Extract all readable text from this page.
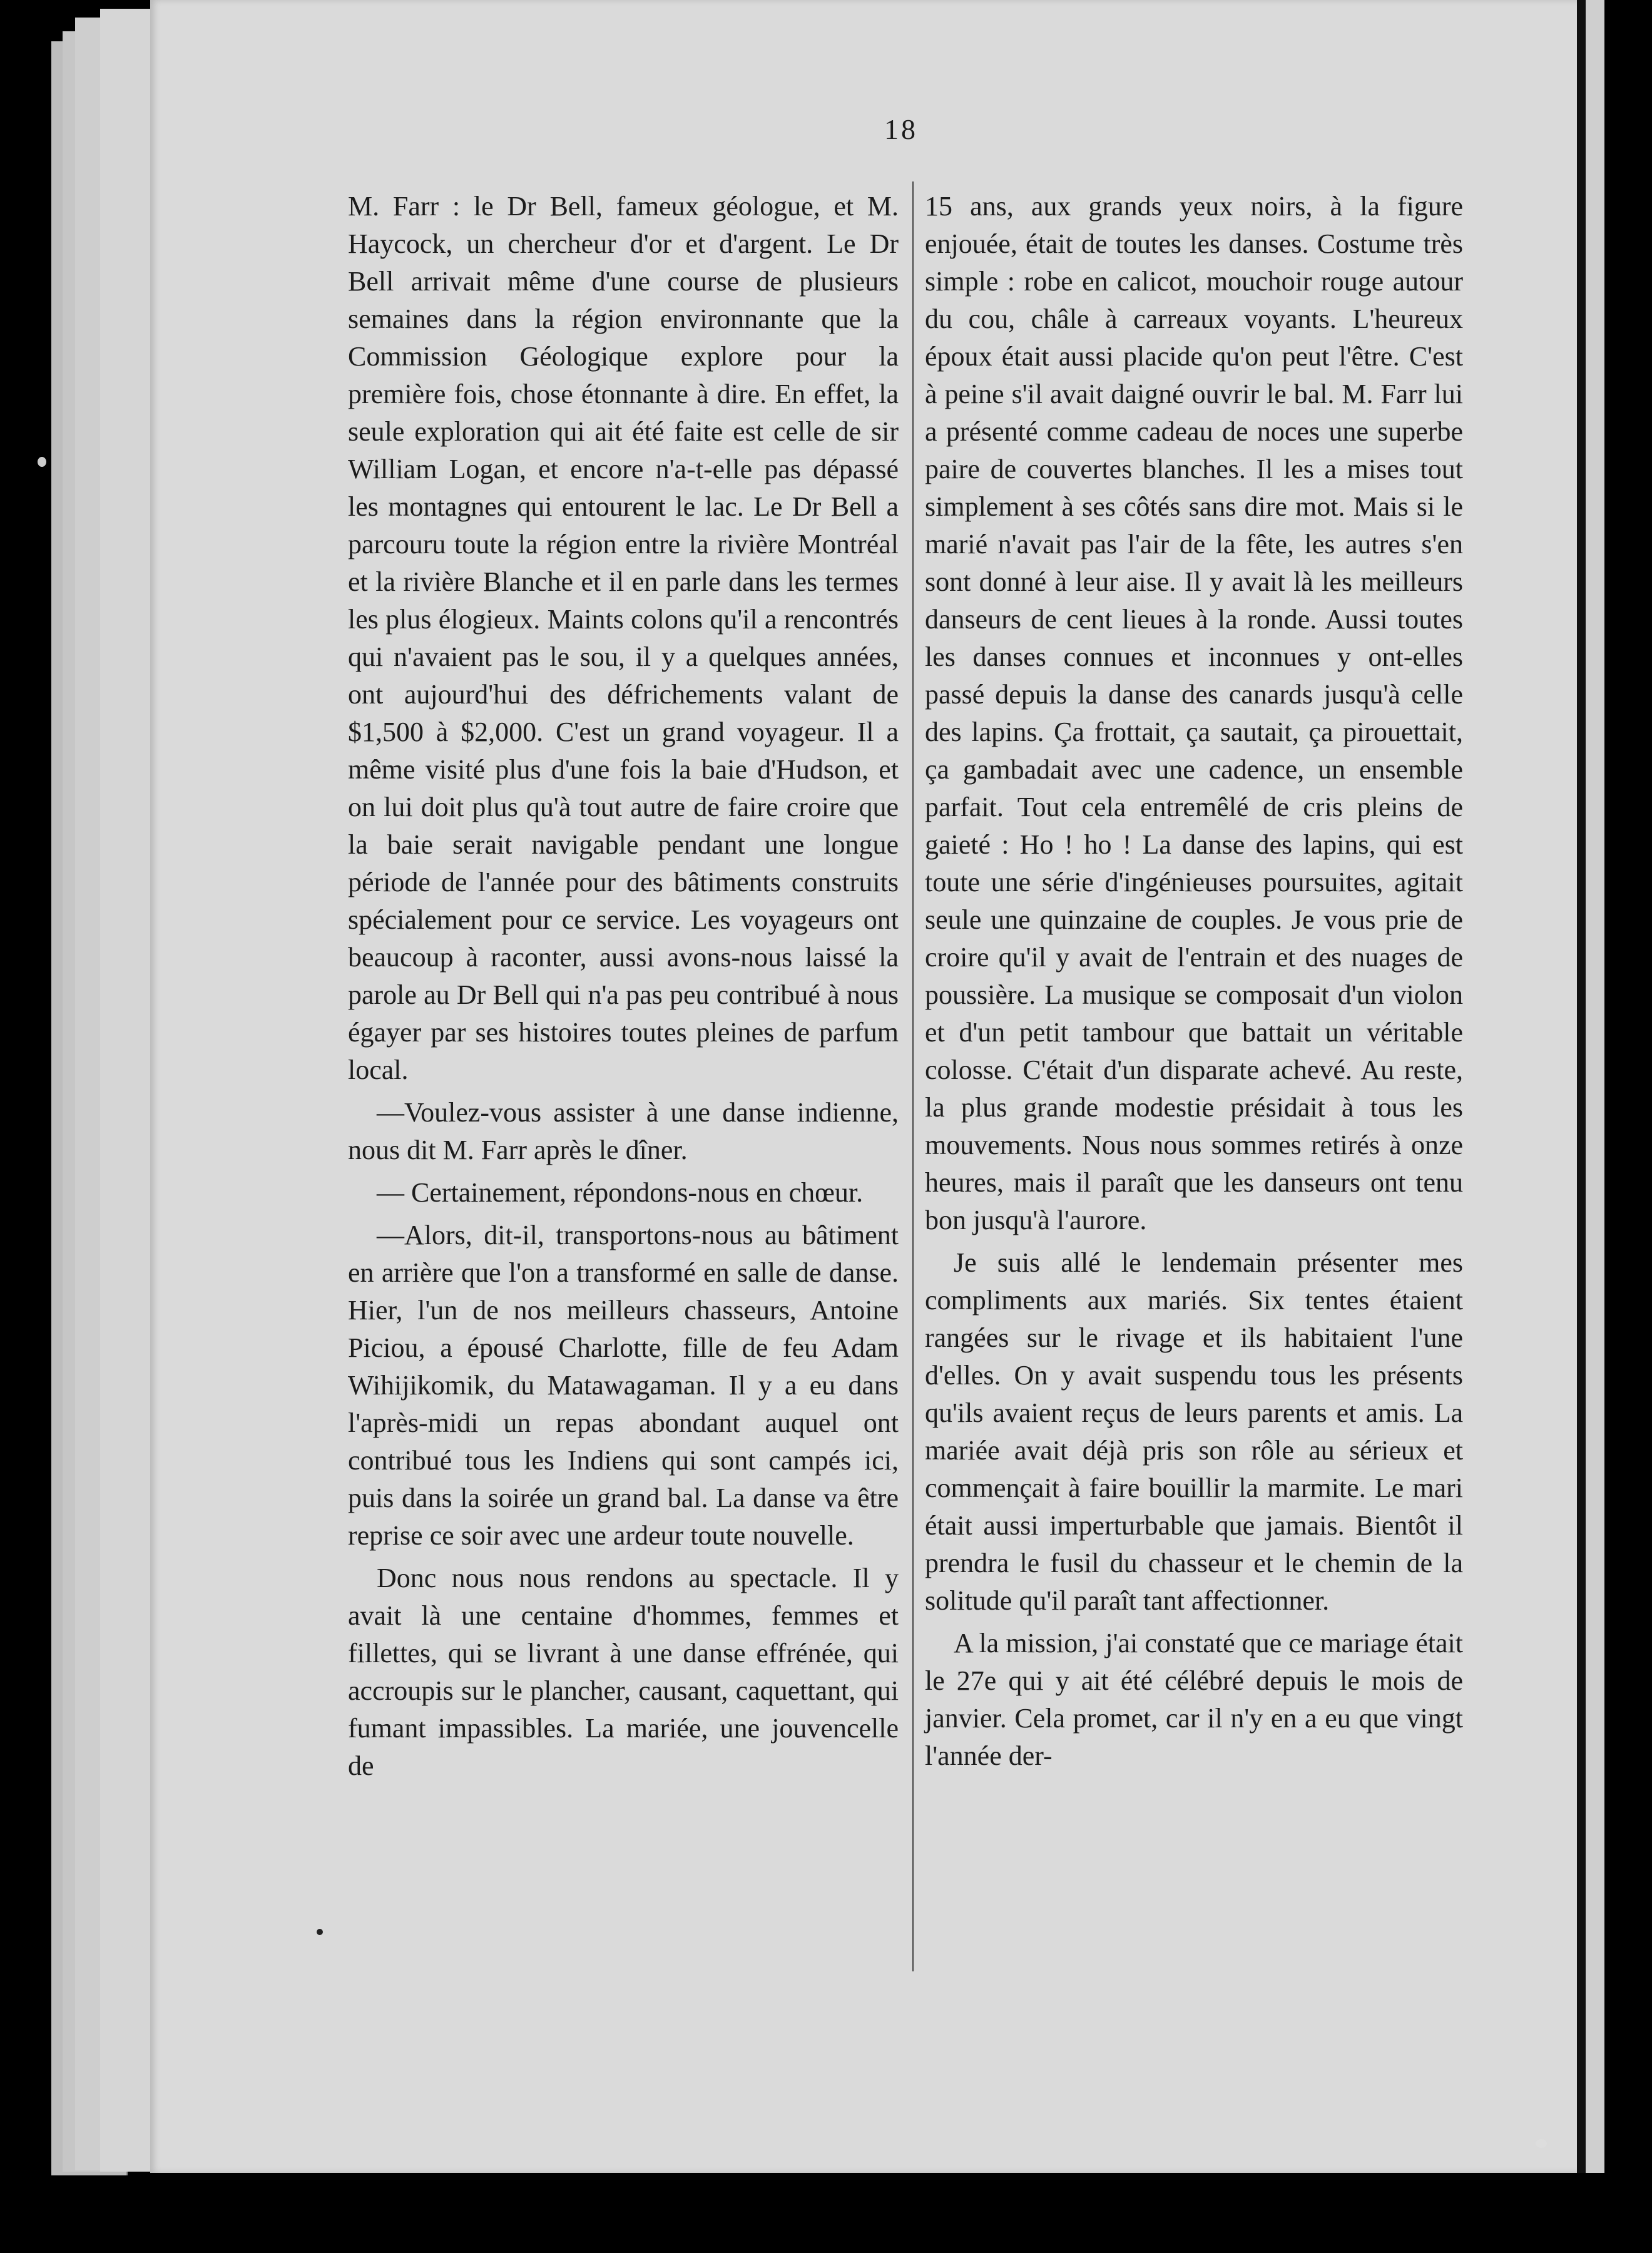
18

M. Farr : le Dr Bell, fameux géologue, et M. Haycock, un chercheur d'or et d'argent. Le Dr Bell arrivait même d'une course de plusieurs semaines dans la région environnante que la Commission Géologique explore pour la première fois, chose étonnante à dire. En effet, la seule exploration qui ait été faite est celle de sir William Logan, et encore n'a-t-elle pas dépassé les montagnes qui entourent le lac. Le Dr Bell a parcouru toute la région entre la rivière Montréal et la rivière Blanche et il en parle dans les termes les plus élogieux. Maints colons qu'il a rencontrés qui n'avaient pas le sou, il y a quelques années, ont aujourd'hui des défrichements valant de $1,500 à $2,000. C'est un grand voyageur. Il a même visité plus d'une fois la baie d'Hudson, et on lui doit plus qu'à tout autre de faire croire que la baie serait navigable pendant une longue période de l'année pour des bâtiments construits spécialement pour ce service. Les voyageurs ont beaucoup à raconter, aussi avons-nous laissé la parole au Dr Bell qui n'a pas peu contribué à nous égayer par ses histoires toutes pleines de parfum local.

—Voulez-vous assister à une danse indienne, nous dit M. Farr après le dîner.

— Certainement, répondons-nous en chœur.

—Alors, dit-il, transportons-nous au bâtiment en arrière que l'on a transformé en salle de danse. Hier, l'un de nos meilleurs chasseurs, Antoine Piciou, a épousé Charlotte, fille de feu Adam Wihijikomik, du Matawagaman. Il y a eu dans l'après-midi un repas abondant auquel ont contribué tous les Indiens qui sont campés ici, puis dans la soirée un grand bal. La danse va être reprise ce soir avec une ardeur toute nouvelle.

Donc nous nous rendons au spectacle. Il y avait là une centaine d'hommes, femmes et fillettes, qui se livrant à une danse effrénée, qui accroupis sur le plancher, causant, caquettant, qui fumant impassibles. La mariée, une jouvencelle de

15 ans, aux grands yeux noirs, à la figure enjouée, était de toutes les danses. Costume très simple : robe en calicot, mouchoir rouge autour du cou, châle à carreaux voyants. L'heureux époux était aussi placide qu'on peut l'être. C'est à peine s'il avait daigné ouvrir le bal. M. Farr lui a présenté comme cadeau de noces une superbe paire de couvertes blanches. Il les a mises tout simplement à ses côtés sans dire mot. Mais si le marié n'avait pas l'air de la fête, les autres s'en sont donné à leur aise. Il y avait là les meilleurs danseurs de cent lieues à la ronde. Aussi toutes les danses connues et inconnues y ont-elles passé depuis la danse des canards jusqu'à celle des lapins. Ça frottait, ça sautait, ça pirouettait, ça gambadait avec une cadence, un ensemble parfait. Tout cela entremêlé de cris pleins de gaieté : Ho ! ho ! La danse des lapins, qui est toute une série d'ingénieuses poursuites, agitait seule une quinzaine de couples. Je vous prie de croire qu'il y avait de l'entrain et des nuages de poussière. La musique se composait d'un violon et d'un petit tambour que battait un véritable colosse. C'était d'un disparate achevé. Au reste, la plus grande modestie présidait à tous les mouvements. Nous nous sommes retirés à onze heures, mais il paraît que les danseurs ont tenu bon jusqu'à l'aurore.

Je suis allé le lendemain présenter mes compliments aux mariés. Six tentes étaient rangées sur le rivage et ils habitaient l'une d'elles. On y avait suspendu tous les présents qu'ils avaient reçus de leurs parents et amis. La mariée avait déjà pris son rôle au sérieux et commençait à faire bouillir la marmite. Le mari était aussi imperturbable que jamais. Bientôt il prendra le fusil du chasseur et le chemin de la solitude qu'il paraît tant affectionner.

A la mission, j'ai constaté que ce mariage était le 27e qui y ait été célébré depuis le mois de janvier. Cela promet, car il n'y en a eu que vingt l'année der-
